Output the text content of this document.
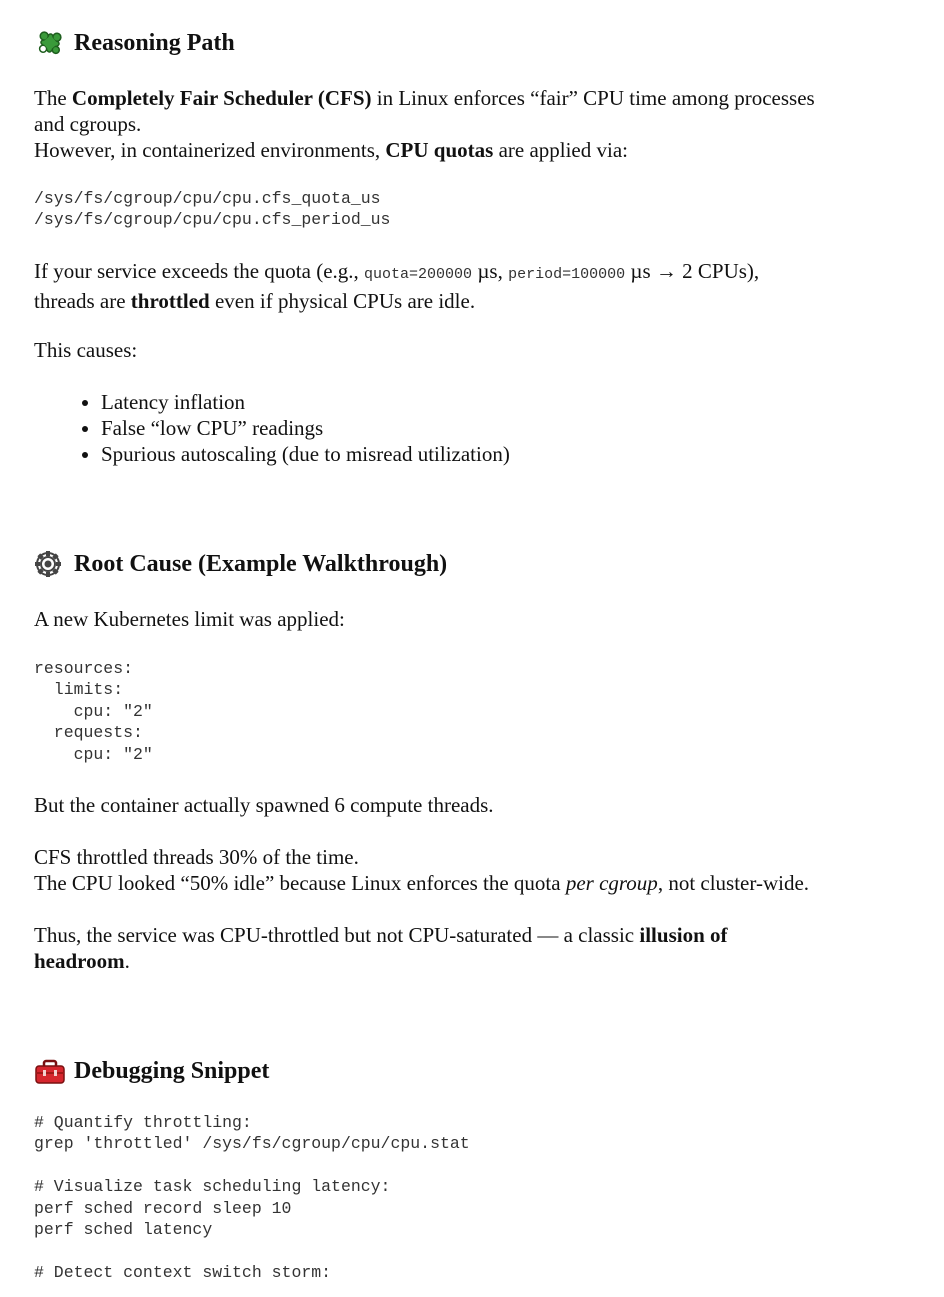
Reasoning Path
The Completely Fair Scheduler (CFS) in Linux enforces “fair” CPU time among processes
and cgroups.
However, in containerized environments, CPU quotas are applied via:
/sys/fs/cgroup/cpu/cpu.cfs_quota_us
/sys/fs/cgroup/cpu/cpu.cfs_period_us
If your service exceeds the quota (e.g., quota=200000 µs, period=100000 µs → 2 CPUs),
threads are throttled even if physical CPUs are idle.
This causes:
• Latency inflation
• False “low CPU” readings
• Spurious autoscaling (due to misread utilization)
Root Cause (Example Walkthrough)
A new Kubernetes limit was applied:
resources:
limits:
cpu: "2"
requests:
cpu: "2"
But the container actually spawned 6 compute threads.
CFS throttled threads 30% of the time.
The CPU looked “50% idle” because Linux enforces the quota per cgroup, not cluster-wide.
Thus, the service was CPU-throttled but not CPU-saturated — a classic illusion of
headroom.
Debugging Snippet
# Quantify throttling:
grep 'throttled' /sys/fs/cgroup/cpu/cpu.stat

# Visualize task scheduling latency:
perf sched record sleep 10
perf sched latency

# Detect context switch storm:
